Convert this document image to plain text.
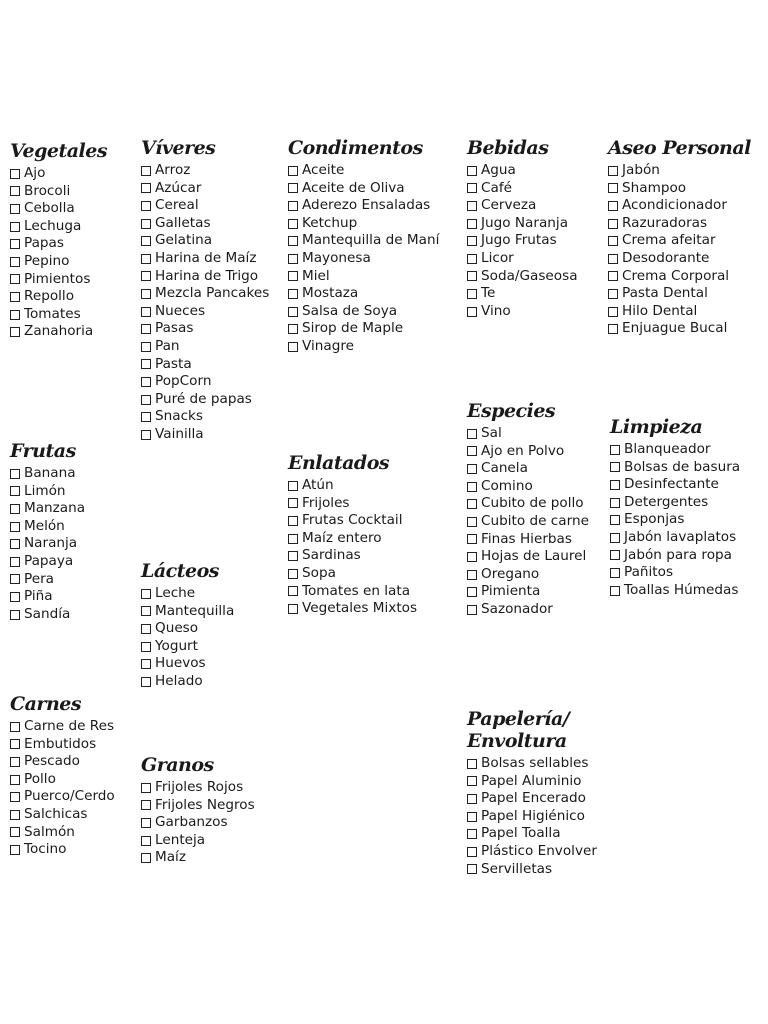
Vegetales
Ajo
Brocoli
Cebolla
Lechuga
Papas
Pepino
Pimientos
Repollo
Tomates
Zanahoria
Víveres
Arroz
Azúcar
Cereal
Galletas
Gelatina
Harina de Maíz
Harina de Trigo
Mezcla Pancakes
Nueces
Pasas
Pan
Pasta
PopCorn
Puré de papas
Snacks
Vainilla
Condimentos
Aceite
Aceite de Oliva
Aderezo Ensaladas
Ketchup
Mantequilla de Maní
Mayonesa
Miel
Mostaza
Salsa de Soya
Sirop de Maple
Vinagre
Bebidas
Agua
Café
Cerveza
Jugo Naranja
Jugo Frutas
Licor
Soda/Gaseosa
Te
Vino
Aseo Personal
Jabón
Shampoo
Acondicionador
Razuradoras
Crema afeitar
Desodorante
Crema Corporal
Pasta Dental
Hilo Dental
Enjuague Bucal
Frutas
Banana
Limón
Manzana
Melón
Naranja
Papaya
Pera
Piña
Sandía
Lácteos
Leche
Mantequilla
Queso
Yogurt
Huevos
Helado
Enlatados
Atún
Frijoles
Frutas Cocktail
Maíz entero
Sardinas
Sopa
Tomates en lata
Vegetales Mixtos
Especies
Sal
Ajo en Polvo
Canela
Comino
Cubito de pollo
Cubito de carne
Finas Hierbas
Hojas de Laurel
Oregano
Pimienta
Sazonador
Limpieza
Blanqueador
Bolsas de basura
Desinfectante
Detergentes
Esponjas
Jabón lavaplatos
Jabón para ropa
Pañitos
Toallas Húmedas
Carnes
Carne de Res
Embutidos
Pescado
Pollo
Puerco/Cerdo
Salchicas
Salmón
Tocino
Granos
Frijoles Rojos
Frijoles Negros
Garbanzos
Lenteja
Maíz
Papelería/
Envoltura
Bolsas sellables
Papel Aluminio
Papel Encerado
Papel Higiénico
Papel Toalla
Plástico Envolver
Servilletas
